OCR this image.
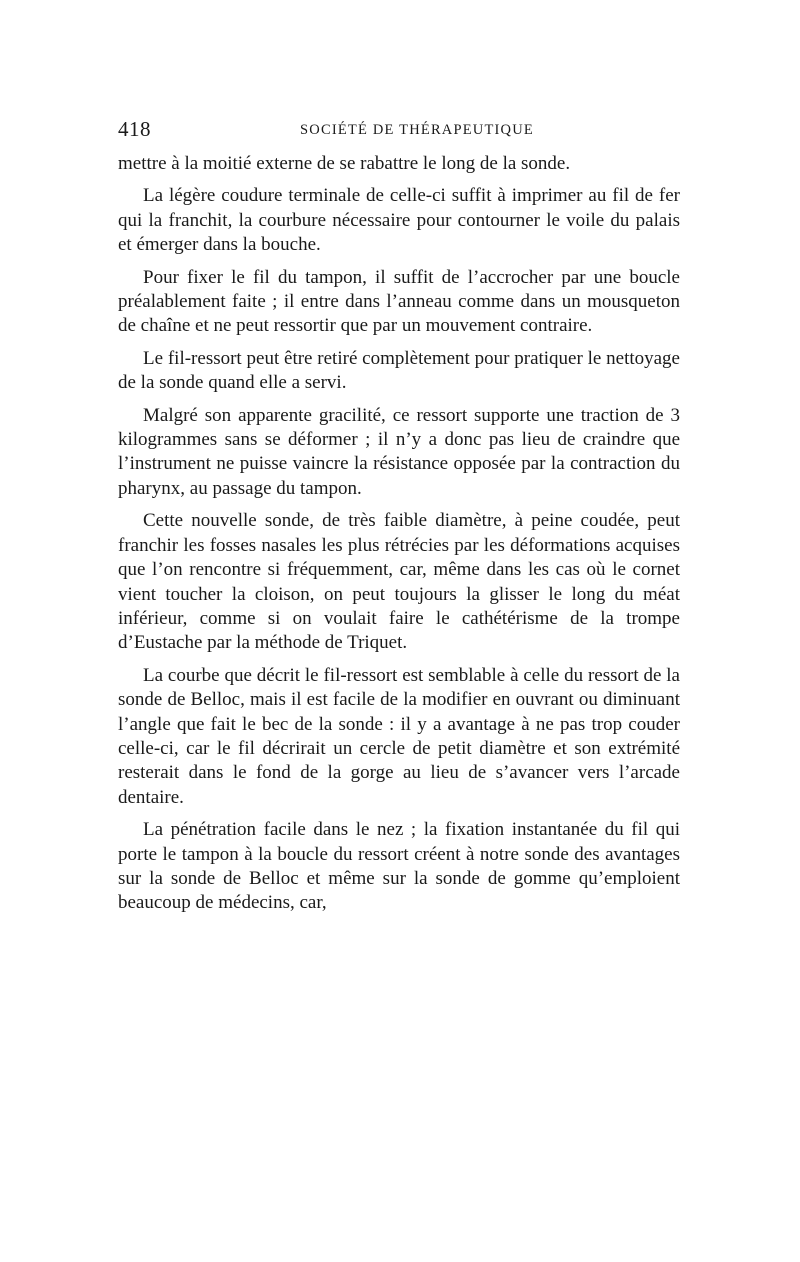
418	SOCIÉTÉ DE THÉRAPEUTIQUE

mettre à la moitié externe de se rabattre le long de la sonde.

La légère coudure terminale de celle-ci suffit à imprimer au fil de fer qui la franchit, la courbure nécessaire pour contourner le voile du palais et émerger dans la bouche.

Pour fixer le fil du tampon, il suffit de l’accrocher par une boucle préalablement faite ; il entre dans l’anneau comme dans un mousqueton de chaîne et ne peut ressortir que par un mouvement contraire.

Le fil-ressort peut être retiré complètement pour pratiquer le nettoyage de la sonde quand elle a servi.

Malgré son apparente gracilité, ce ressort supporte une traction de 3 kilogrammes sans se déformer ; il n’y a donc pas lieu de craindre que l’instrument ne puisse vaincre la résistance opposée par la contraction du pharynx, au passage du tampon.

Cette nouvelle sonde, de très faible diamètre, à peine coudée, peut franchir les fosses nasales les plus rétrécies par les déformations acquises que l’on rencontre si fréquemment, car, même dans les cas où le cornet vient toucher la cloison, on peut toujours la glisser le long du méat inférieur, comme si on voulait faire le cathétérisme de la trompe d’Eustache par la méthode de Triquet.

La courbe que décrit le fil-ressort est semblable à celle du ressort de la sonde de Belloc, mais il est facile de la modifier en ouvrant ou diminuant l’angle que fait le bec de la sonde : il y a avantage à ne pas trop couder celle-ci, car le fil décrirait un cercle de petit diamètre et son extrémité resterait dans le fond de la gorge au lieu de s’avancer vers l’arcade dentaire.

La pénétration facile dans le nez ; la fixation instantanée du fil qui porte le tampon à la boucle du ressort créent à notre sonde des avantages sur la sonde de Belloc et même sur la sonde de gomme qu’emploient beaucoup de médecins, car,
